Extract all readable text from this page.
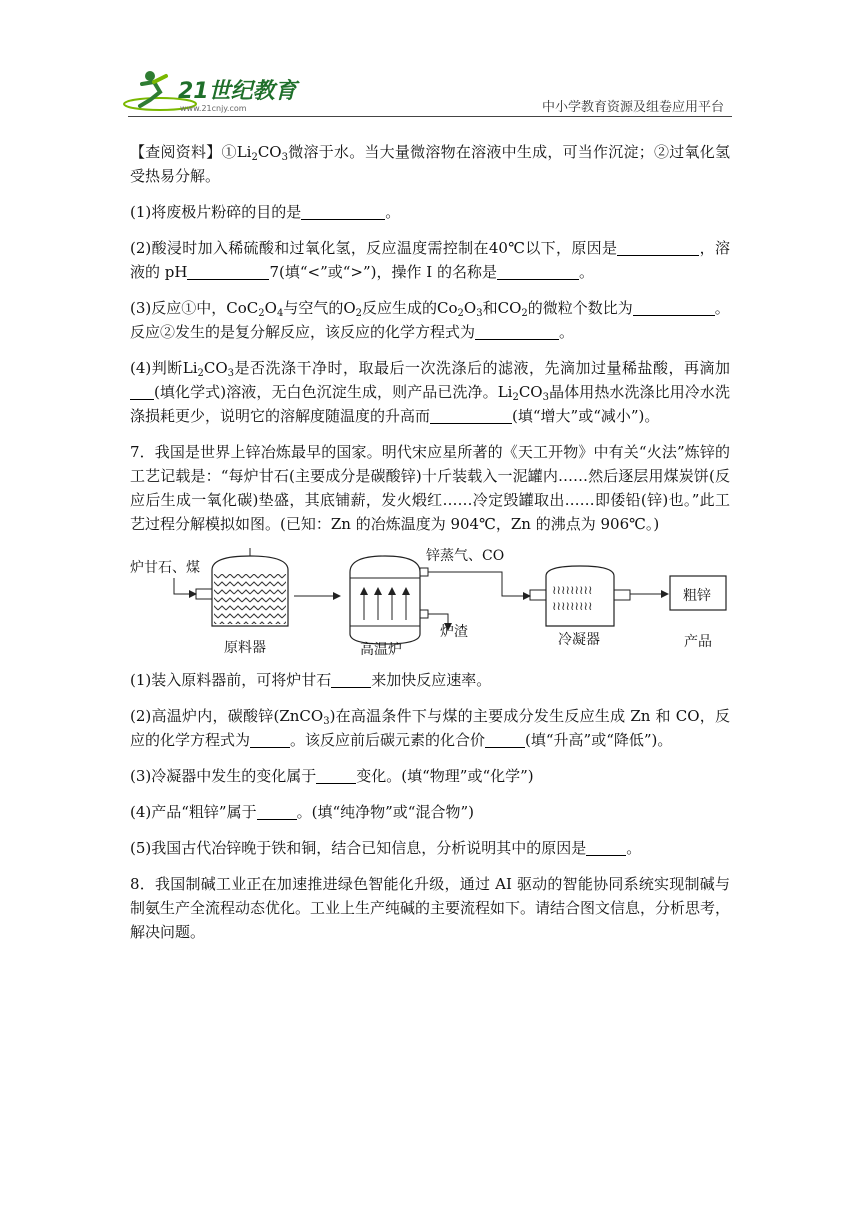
21世纪教育
www.21cnjy.com	中小学教育资源及组卷应用平台

【查阅资料】$①Li_2CO_3$微溶于水。当大量微溶物在溶液中生成，可当作沉淀；②过氧化氢受热易分解。

(1)将废极片粉碎的目的是	。

(2)酸浸时加入稀硫酸和过氧化氢，反应温度需控制在40℃以下，原因是	，溶液的 pH	7(填“<”或“>”)，操作 I 的名称是	。

(3)反应①中，$CoC_2O_4$与空气的$O_2$反应生成的$Co_2O_3$和$CO_2$的微粒个数比为	。
反应②发生的是复分解反应，该反应的化学方程式为	。

(4)判断$Li_2CO_3$是否洗涤干净时，取最后一次洗涤后的滤液，先滴加过量稀盐酸，再滴加(填化学式)溶液，无白色沉淀生成，则产品已洗净。$Li_2CO_3$晶体用热水洗涤比用冷水洗涤损耗更少，说明它的溶解度随温度的升高而	(填“增大”或“减小”)。

7．我国是世界上锌冶炼最早的国家。明代宋应星所著的《天工开物》中有关“火法”炼锌的工艺记载是：“每炉甘石(主要成分是碳酸锌)十斤装载入一泥罐内……然后逐层用煤炭饼(反应后生成一氧化碳)垫盛，其底铺薪，发火煅红……冷定毁罐取出……即倭铅(锌)也。”此工艺过程分解模拟如图。(已知：Zn 的冶炼温度为 904℃，Zn 的沸点为 906℃。)

≀≀≀≀≀≀≀≀≀
≀≀≀≀≀≀≀≀≀
炉甘石、煤
原料器	高温炉
锌蒸气、CO
炉渣	冷凝器
粗锌
产品

(1)装入原料器前，可将炉甘石	来加快反应速率。

(2)高温炉内，碳酸锌(ZnCO$_3$)在高温条件下与煤的主要成分发生反应生成 Zn 和 CO，反应的化学方程式为	。该反应前后碳元素的化合价	(填“升高”或“降低”)。

(3)冷凝器中发生的变化属于	变化。(填“物理”或“化学”)

(4)产品“粗锌”属于	。(填“纯净物”或“混合物”)

(5)我国古代冶锌晚于铁和铜，结合已知信息，分析说明其中的原因是	。

8．我国制碱工业正在加速推进绿色智能化升级，通过 AI 驱动的智能协同系统实现制碱与制氨生产全流程动态优化。工业上生产纯碱的主要流程如下。请结合图文信息，分析思考，解决问题。
